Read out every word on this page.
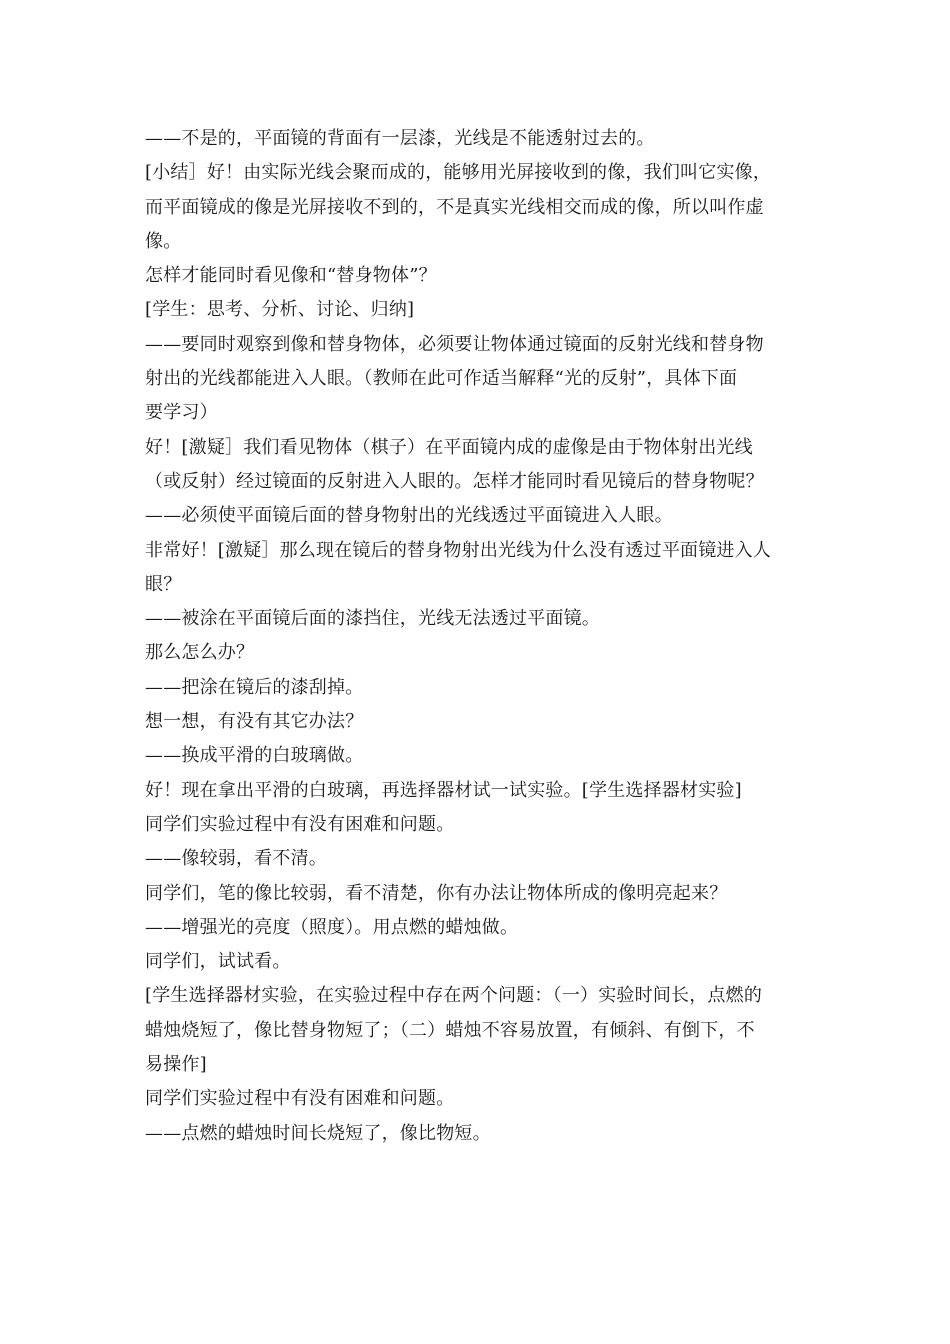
——不是的，平面镜的背面有一层漆，光线是不能透射过去的。
[小结］好！由实际光线会聚而成的，能够用光屏接收到的像，我们叫它实像，
而平面镜成的像是光屏接收不到的，不是真实光线相交而成的像，所以叫作虚
像。
怎样才能同时看见像和“替身物体”？
[学生：思考、分析、讨论、归纳]
——要同时观察到像和替身物体，必须要让物体通过镜面的反射光线和替身物
射出的光线都能进入人眼。（教师在此可作适当解释“光的反射”，具体下面
要学习）
好！[激疑］我们看见物体（棋子）在平面镜内成的虚像是由于物体射出光线
（或反射）经过镜面的反射进入人眼的。怎样才能同时看见镜后的替身物呢？
——必须使平面镜后面的替身物射出的光线透过平面镜进入人眼。
非常好！[激疑］那么现在镜后的替身物射出光线为什么没有透过平面镜进入人
眼？
——被涂在平面镜后面的漆挡住，光线无法透过平面镜。
那么怎么办？
——把涂在镜后的漆刮掉。
想一想，有没有其它办法？
——换成平滑的白玻璃做。
好！现在拿出平滑的白玻璃，再选择器材试一试实验。[学生选择器材实验]
同学们实验过程中有没有困难和问题。
——像较弱，看不清。
同学们，笔的像比较弱，看不清楚，你有办法让物体所成的像明亮起来？
——增强光的亮度（照度）。用点燃的蜡烛做。
同学们，试试看。
[学生选择器材实验，在实验过程中存在两个问题：（一）实验时间长，点燃的
蜡烛烧短了，像比替身物短了；（二）蜡烛不容易放置，有倾斜、有倒下，不
易操作]
同学们实验过程中有没有困难和问题。
——点燃的蜡烛时间长烧短了，像比物短。
